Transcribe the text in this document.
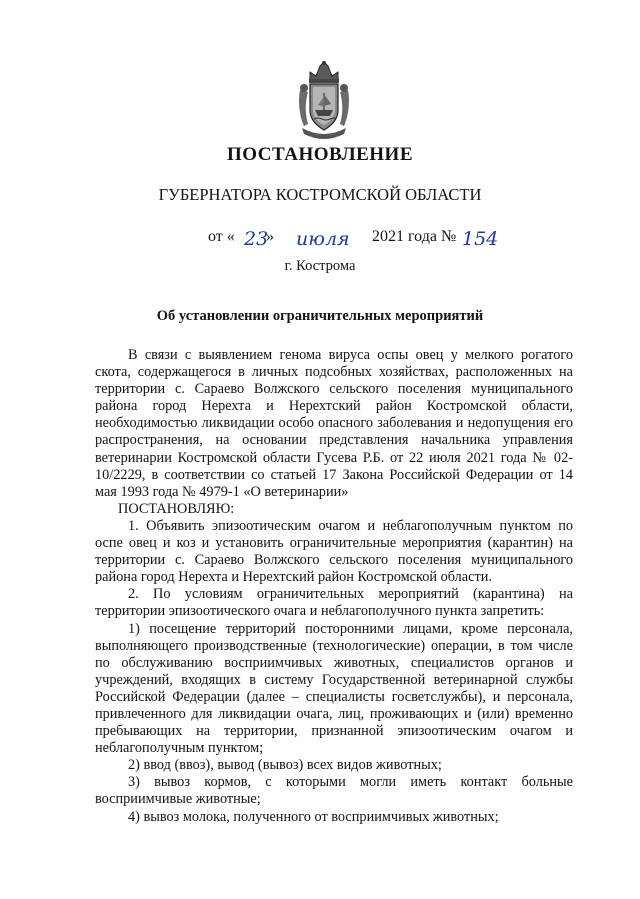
ПОСТАНОВЛЕНИЕ
ГУБЕРНАТОРА КОСТРОМСКОЙ ОБЛАСТИ
от « 23
» июля 2021 года № 154
г. Кострома
Об установлении ограничительных мероприятий

В связи с выявлением генома вируса оспы овец у мелкого рогатого скота, содержащегося в личных подсобных хозяйствах, расположенных на территории с. Сараево Волжского сельского поселения муниципального района город Нерехта и Нерехтский район Костромской области, необходимостью ликвидации особо опасного заболевания и недопущения его распространения, на основании представления начальника управления ветеринарии Костромской области Гусева Р.Б. от 22 июля 2021 года № 02-10/2229, в соответствии со статьей 17 Закона Российской Федерации от 14 мая 1993 года № 4979-1 «О ветеринарии»

ПОСТАНОВЛЯЮ:

1. Объявить эпизоотическим очагом и неблагополучным пунктом по оспе овец и коз и установить ограничительные мероприятия (карантин) на территории с. Сараево Волжского сельского поселения муниципального района город Нерехта и Нерехтский район Костромской области.

2. По условиям ограничительных мероприятий (карантина) на территории эпизоотического очага и неблагополучного пункта запретить:

1) посещение территорий посторонними лицами, кроме персонала, выполняющего производственные (технологические) операции, в том числе по обслуживанию восприимчивых животных, специалистов органов и учреждений, входящих в систему Государственной ветеринарной службы Российской Федерации (далее – специалисты госветслужбы), и персонала, привлеченного для ликвидации очага, лиц, проживающих и (или) временно пребывающих на территории, признанной эпизоотическим очагом и неблагополучным пунктом;

2) ввод (ввоз), вывод (вывоз) всех видов животных;

3) вывоз кормов, с которыми могли иметь контакт больные восприимчивые животные;

4) вывоз молока, полученного от восприимчивых животных;
